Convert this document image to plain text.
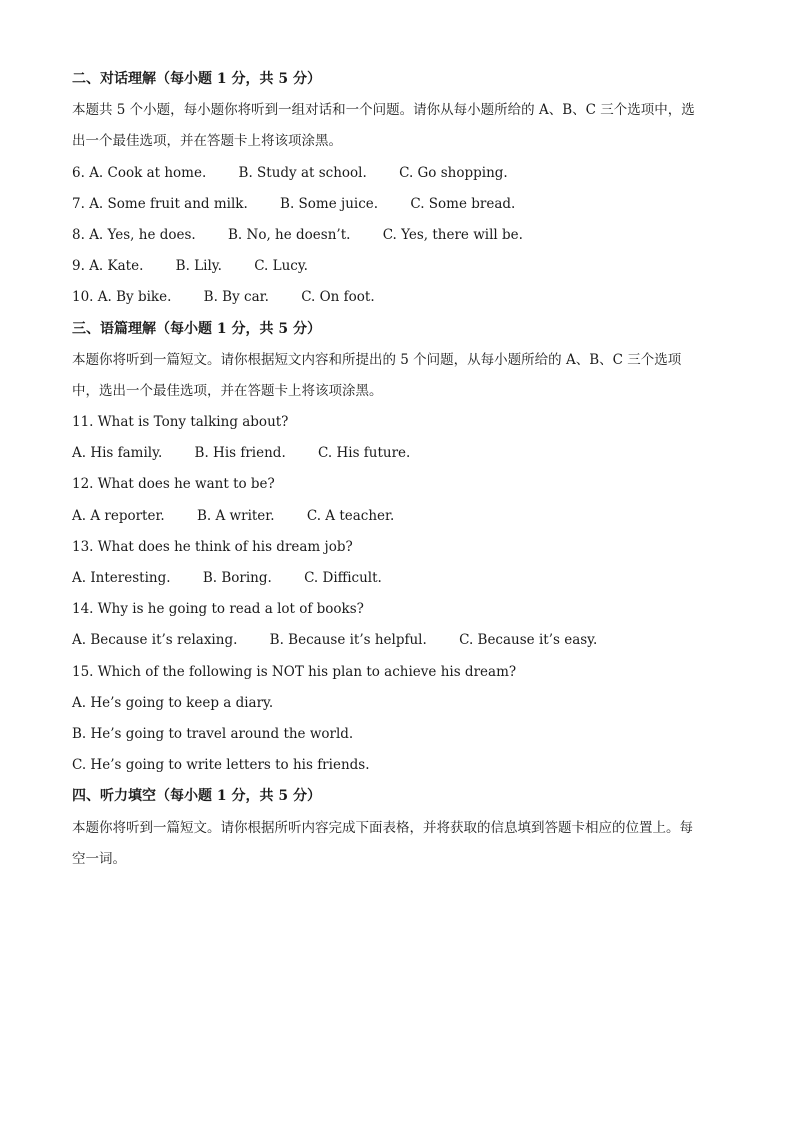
二、对话理解（每小题 1 分，共 5 分）
本题共 5 个小题，每小题你将听到一组对话和一个问题。请你从每小题所给的 A、B、C 三个选项中，选
出一个最佳选项，并在答题卡上将该项涂黑。
6. A. Cook at home. B. Study at school. C. Go shopping.
7. A. Some fruit and milk. B. Some juice. C. Some bread.
8. A. Yes, he does. B. No, he doesn’t. C. Yes, there will be.
9. A. Kate. B. Lily. C. Lucy.
10. A. By bike. B. By car. C. On foot.
三、语篇理解（每小题 1 分，共 5 分）
本题你将听到一篇短文。请你根据短文内容和所提出的 5 个问题，从每小题所给的 A、B、C 三个选项
中，选出一个最佳选项，并在答题卡上将该项涂黑。
11. What is Tony talking about?
A. His family. B. His friend. C. His future.
12. What does he want to be?
A. A reporter. B. A writer. C. A teacher.
13. What does he think of his dream job?
A. Interesting. B. Boring. C. Difficult.
14. Why is he going to read a lot of books?
A. Because it’s relaxing. B. Because it’s helpful. C. Because it’s easy.
15. Which of the following is NOT his plan to achieve his dream?
A. He’s going to keep a diary.
B. He’s going to travel around the world.
C. He’s going to write letters to his friends.
四、听力填空（每小题 1 分，共 5 分）
本题你将听到一篇短文。请你根据所听内容完成下面表格，并将获取的信息填到答题卡相应的位置上。每
空一词。
